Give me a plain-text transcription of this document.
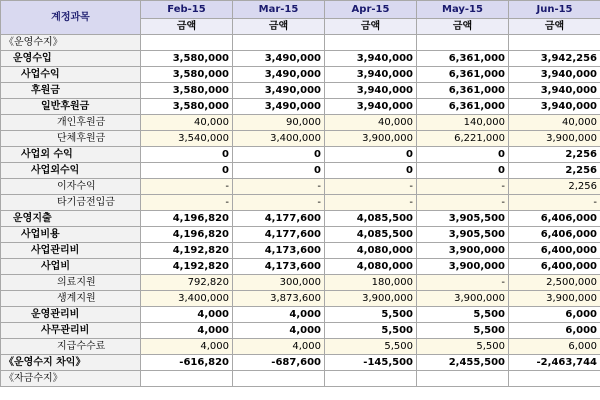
계정과목	Feb-15	Mar-15	Apr-15	May-15	Jun-15
	금액	금액	금액	금액	금액
《운영수지》					
운영수입	3,580,000	3,490,000	3,940,000	6,361,000	3,942,256
사업수익	3,580,000	3,490,000	3,940,000	6,361,000	3,940,000
후원금	3,580,000	3,490,000	3,940,000	6,361,000	3,940,000
일반후원금	3,580,000	3,490,000	3,940,000	6,361,000	3,940,000
개인후원금	40,000	90,000	40,000	140,000	40,000
단체후원금	3,540,000	3,400,000	3,900,000	6,221,000	3,900,000
사업외 수익	0	0	0	0	2,256
사업외수익	0	0	0	0	2,256
이자수익	-	-	-	-	2,256
타기금전입금	-	-	-	-	-
운영지출	4,196,820	4,177,600	4,085,500	3,905,500	6,406,000
사업비용	4,196,820	4,177,600	4,085,500	3,905,500	6,406,000
사업관리비	4,192,820	4,173,600	4,080,000	3,900,000	6,400,000
사업비	4,192,820	4,173,600	4,080,000	3,900,000	6,400,000
의료지원	792,820	300,000	180,000	-	2,500,000
생계지원	3,400,000	3,873,600	3,900,000	3,900,000	3,900,000
운영관리비	4,000	4,000	5,500	5,500	6,000
사무관리비	4,000	4,000	5,500	5,500	6,000
지급수수료	4,000	4,000	5,500	5,500	6,000
《운영수지 차익》	-616,820	-687,600	-145,500	2,455,500	-2,463,744
《자금수지》					
